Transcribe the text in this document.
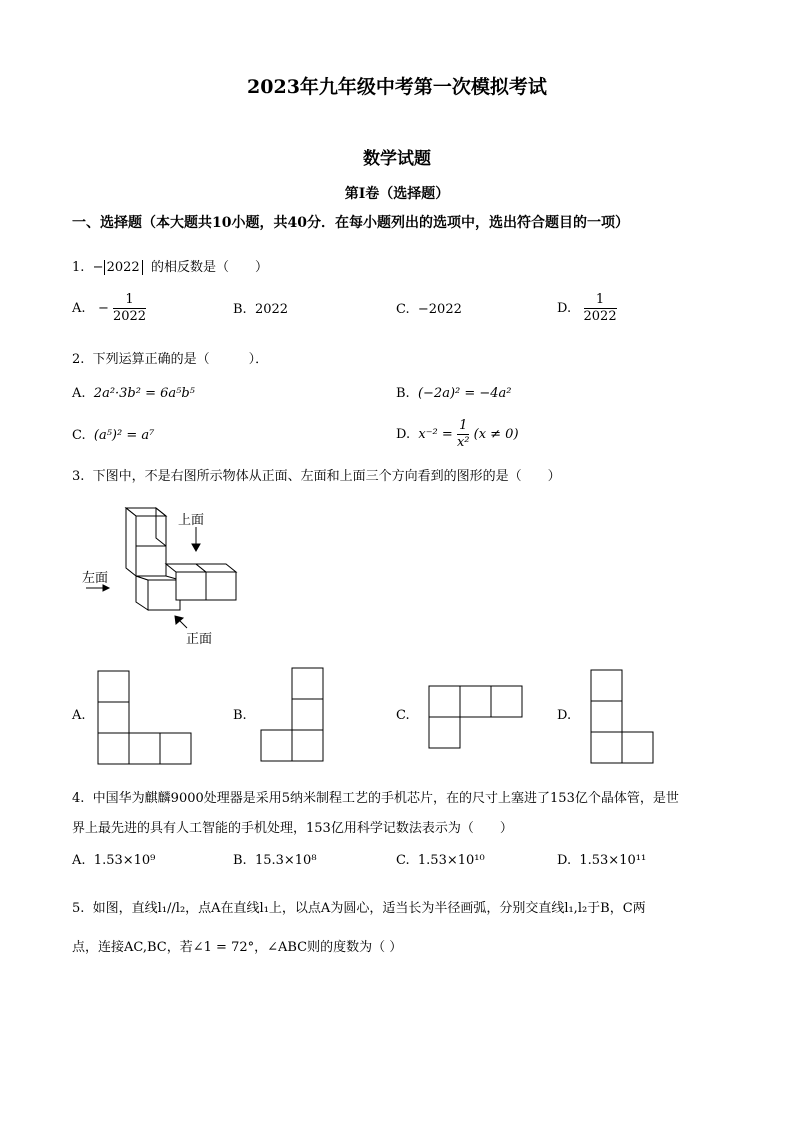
2023年九年级中考第一次模拟考试
数学试题
第I卷（选择题）
一、选择题（本大题共10小题，共40分．在每小题列出的选项中，选出符合题目的一项）
1. − 2022 的相反数是（　　）
A. − $\frac{1}{2022}$	B. 2022	C. −2022	D. $\frac{1}{2022}$
2. 下列运算正确的是（　　　）．
A. 2a²·3b² = 6a⁵b⁵	B. (−2a)² = −4a²
C. (a⁵)² = a⁷	D. $x^{-2} = \frac{1}{\text{x²}} (x \ne 0)$
3. 下图中，不是右图所示物体从正面、左面和上面三个方向看到的图形的是（　　）
上面
左面
正面
A.	B.	C.	D.
4. 中国华为麒麟9000处理器是采用5纳米制程工艺的手机芯片，在的尺寸上塞进了153亿个晶体管，是世
界上最先进的具有人工智能的手机处理，153亿用科学记数法表示为（　　）
A. 1.53×10⁹	B. 15.3×10⁸	C. 1.53×10¹⁰	D. 1.53×10¹¹
5. 如图，直线l₁//l₂，点A在直线l₁上，以点A为圆心，适当长为半径画弧，分别交直线l₁,l₂于B，C两
点，连接AC,BC，若∠1 = 72°，∠ABC则的度数为（ ）
